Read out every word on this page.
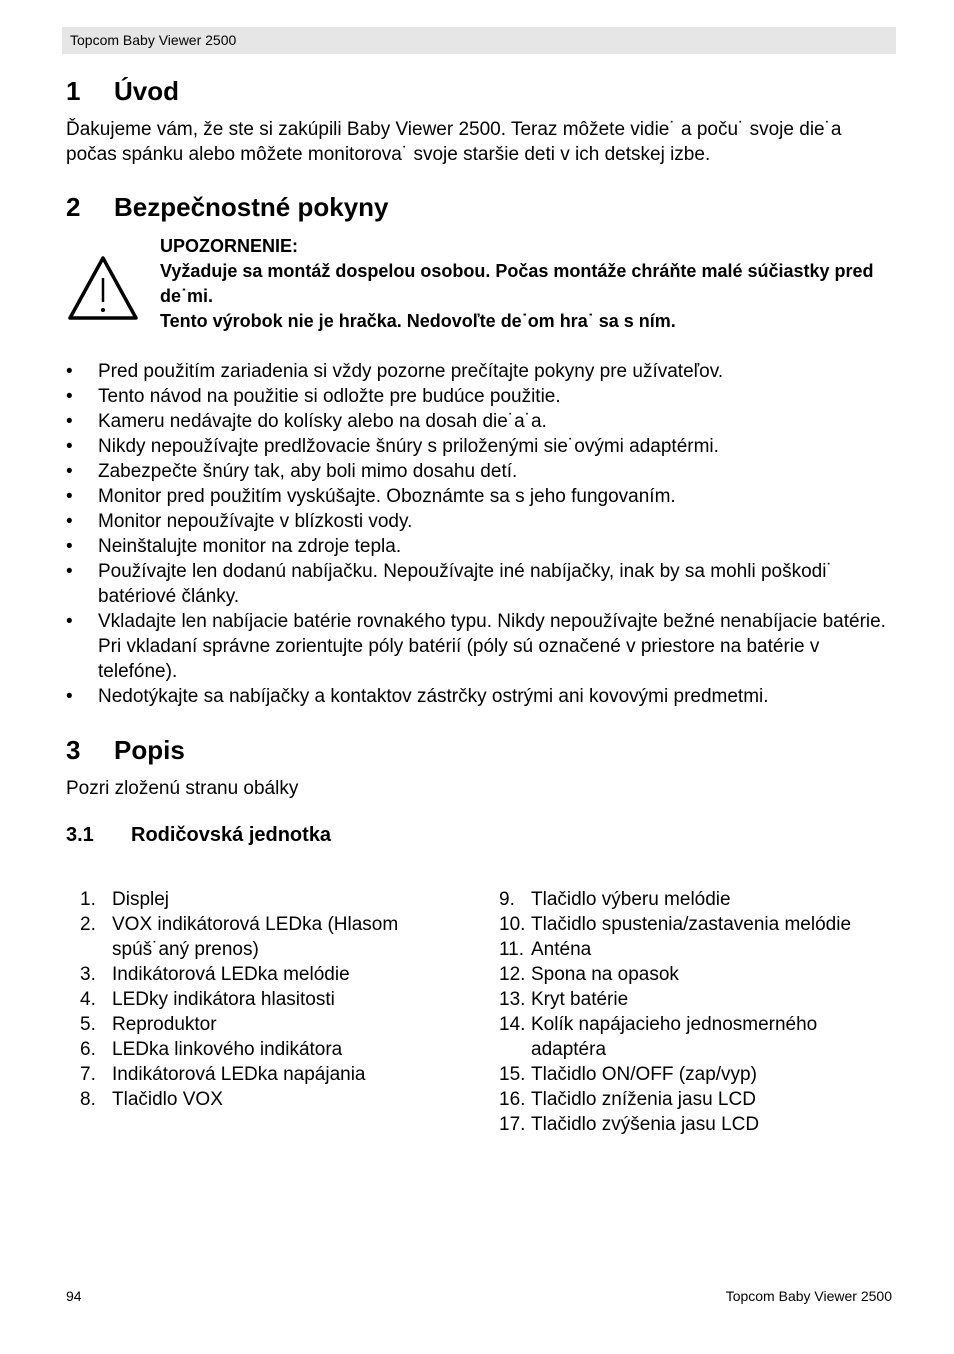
Topcom Baby Viewer 2500
1 Úvod

Ďakujeme vám, že ste si zakúpili Baby Viewer 2500. Teraz môžete vidie˙ a poču˙ svoje die˙a počas spánku alebo môžete monitorova˙ svoje staršie deti v ich detskej izbe.

2 Bezpečnostné pokyny
UPOZORNENIE:
Vyžaduje sa montáž dospelou osobou. Počas montáže chráňte malé súčiastky pred de˙mi.
Tento výrobok nie je hračka. Nedovoľte de˙om hra˙ sa s ním.
• Pred použitím zariadenia si vždy pozorne prečítajte pokyny pre užívateľov.
• Tento návod na použitie si odložte pre budúce použitie.
• Kameru nedávajte do kolísky alebo na dosah die˙a˙a.
• Nikdy nepoužívajte predlžovacie šnúry s priloženými sie˙ovými adaptérmi.
• Zabezpečte šnúry tak, aby boli mimo dosahu detí.
• Monitor pred použitím vyskúšajte. Oboznámte sa s jeho fungovaním.
• Monitor nepoužívajte v blízkosti vody.
• Neinštalujte monitor na zdroje tepla.
• Používajte len dodanú nabíjačku. Nepoužívajte iné nabíjačky, inak by sa mohli poškodi˙ batériové články.
• Vkladajte len nabíjacie batérie rovnakého typu. Nikdy nepoužívajte bežné nenabíjacie batérie. Pri vkladaní správne zorientujte póly batérií (póly sú označené v priestore na batérie v telefóne).
• Nedotýkajte sa nabíjačky a kontaktov zástrčky ostrými ani kovovými predmetmi.
3 Popis

Pozri zloženú stranu obálky

3.1 Rodičovská jednotka
1. Displej
2. VOX indikátorová LEDka (Hlasom spúš˙aný prenos)
3. Indikátorová LEDka melódie
4. LEDky indikátora hlasitosti
5. Reproduktor
6. LEDka linkového indikátora
7. Indikátorová LEDka napájania
8. Tlačidlo VOX
9. Tlačidlo výberu melódie
10. Tlačidlo spustenia/zastavenia melódie
11. Anténa
12. Spona na opasok
13. Kryt batérie
14. Kolík napájacieho jednosmerného adaptéra
15. Tlačidlo ON/OFF (zap/vyp)
16. Tlačidlo zníženia jasu LCD
17. Tlačidlo zvýšenia jasu LCD
94	Topcom Baby Viewer 2500
